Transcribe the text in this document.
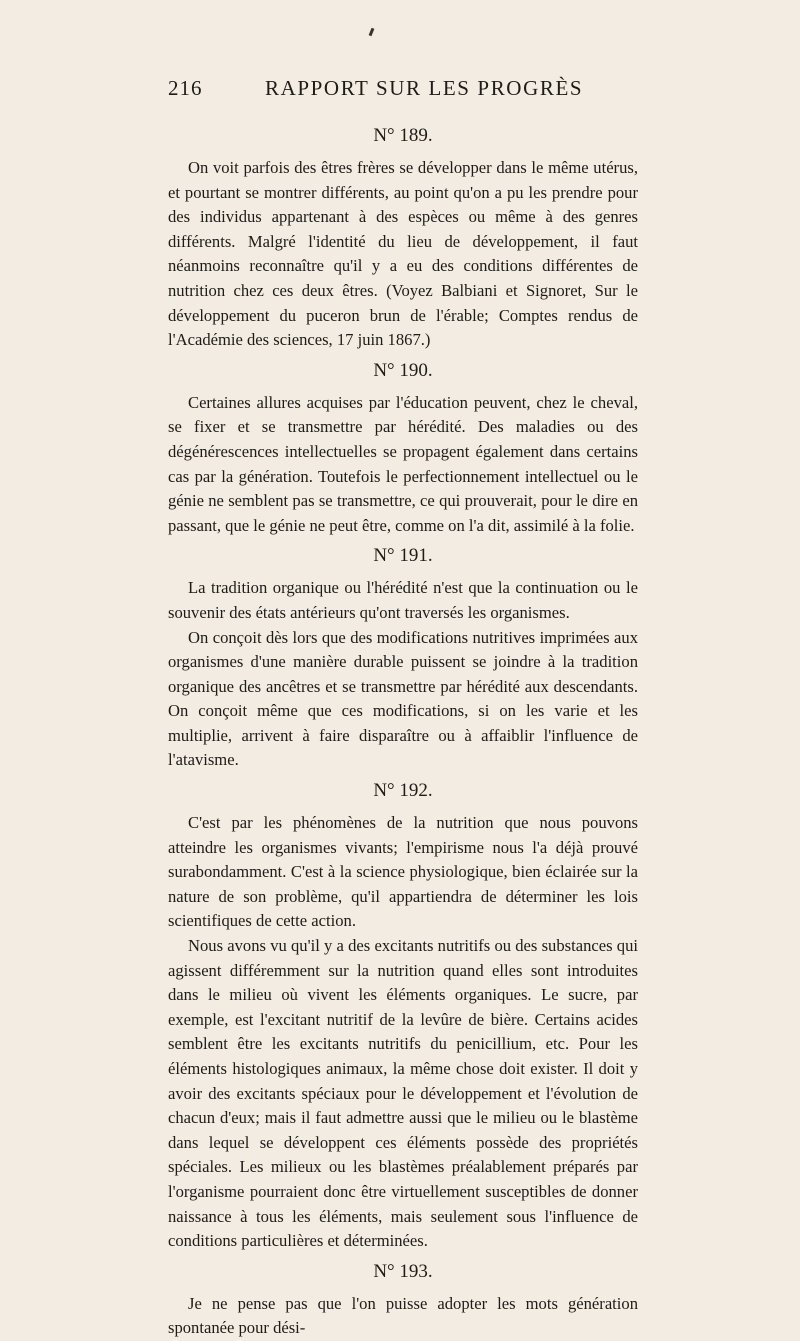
216	RAPPORT SUR LES PROGRÈS
N° 189.

On voit parfois des êtres frères se développer dans le même utérus, et pourtant se montrer différents, au point qu'on a pu les prendre pour des individus appartenant à des espèces ou même à des genres différents. Malgré l'identité du lieu de développement, il faut néanmoins reconnaître qu'il y a eu des conditions différentes de nutrition chez ces deux êtres. (Voyez Balbiani et Signoret, Sur le développement du puceron brun de l'érable; Comptes rendus de l'Académie des sciences, 17 juin 1867.)

N° 190.

Certaines allures acquises par l'éducation peuvent, chez le cheval, se fixer et se transmettre par hérédité. Des maladies ou des dégénérescences intellectuelles se propagent également dans certains cas par la génération. Toutefois le perfectionnement intellectuel ou le génie ne semblent pas se transmettre, ce qui prouverait, pour le dire en passant, que le génie ne peut être, comme on l'a dit, assimilé à la folie.

N° 191.

La tradition organique ou l'hérédité n'est que la continuation ou le souvenir des états antérieurs qu'ont traversés les organismes.

On conçoit dès lors que des modifications nutritives imprimées aux organismes d'une manière durable puissent se joindre à la tradition organique des ancêtres et se transmettre par hérédité aux descendants. On conçoit même que ces modifications, si on les varie et les multiplie, arrivent à faire disparaître ou à affaiblir l'influence de l'atavisme.

N° 192.

C'est par les phénomènes de la nutrition que nous pouvons atteindre les organismes vivants; l'empirisme nous l'a déjà prouvé surabondamment. C'est à la science physiologique, bien éclairée sur la nature de son problème, qu'il appartiendra de déterminer les lois scientifiques de cette action.

Nous avons vu qu'il y a des excitants nutritifs ou des substances qui agissent différemment sur la nutrition quand elles sont introduites dans le milieu où vivent les éléments organiques. Le sucre, par exemple, est l'excitant nutritif de la levûre de bière. Certains acides semblent être les excitants nutritifs du penicillium, etc. Pour les éléments histologiques animaux, la même chose doit exister. Il doit y avoir des excitants spéciaux pour le développement et l'évolution de chacun d'eux; mais il faut admettre aussi que le milieu ou le blastème dans lequel se développent ces éléments possède des propriétés spéciales. Les milieux ou les blastèmes préalablement préparés par l'organisme pourraient donc être virtuellement susceptibles de donner naissance à tous les éléments, mais seulement sous l'influence de conditions particulières et déterminées.

N° 193.

Je ne pense pas que l'on puisse adopter les mots génération spontanée pour dési-
